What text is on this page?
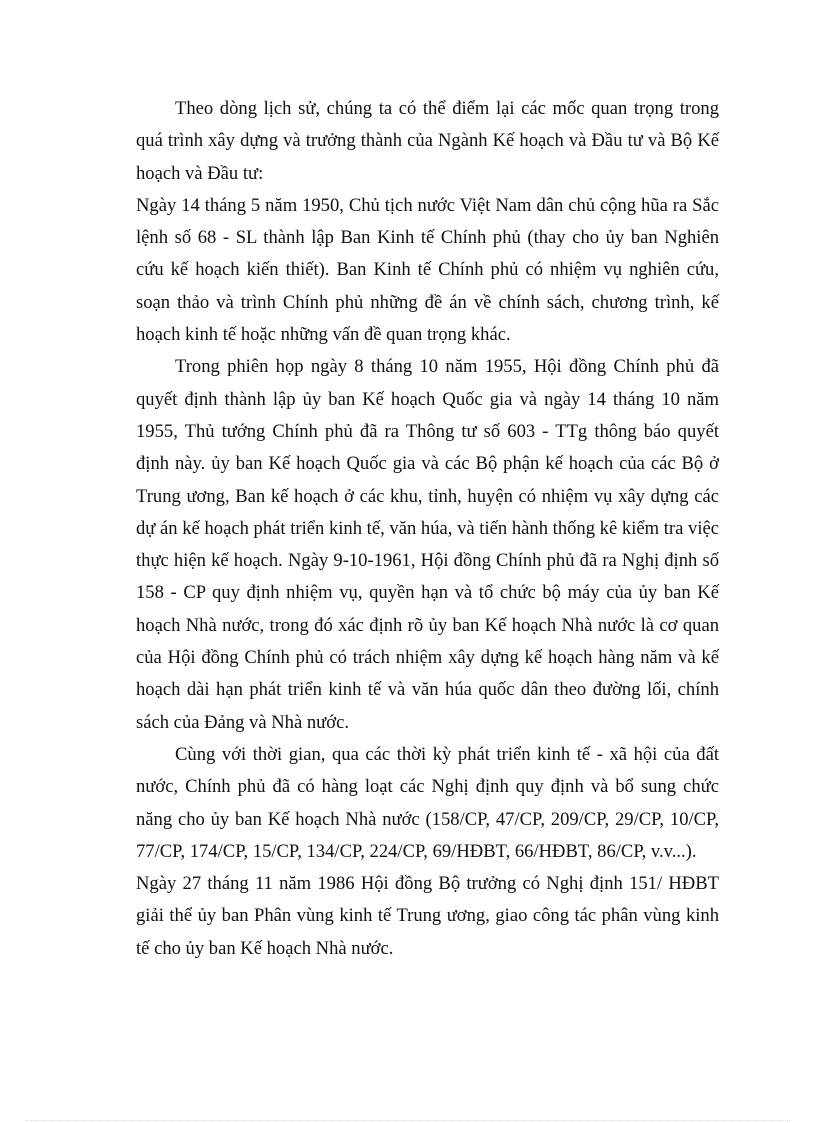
Theo dòng lịch sử, chúng ta có thể điểm lại các mốc quan trọng trong quá trình xây dựng và trưởng thành của Ngành Kế hoạch và Đầu tư và Bộ Kế hoạch và Đầu tư:

Ngày 14 tháng 5 năm 1950, Chủ tịch nước Việt Nam dân chủ cộng hũa ra Sắc lệnh số 68 - SL thành lập Ban Kinh tế Chính phủ (thay cho ủy ban Nghiên cứu kế hoạch kiến thiết). Ban Kinh tế Chính phủ có nhiệm vụ nghiên cứu, soạn thảo và trình Chính phủ những đề án về chính sách, chương trình, kế hoạch kinh tế hoặc những vấn đề quan trọng khác.

Trong phiên họp ngày 8 tháng 10 năm 1955, Hội đồng Chính phủ đã quyết định thành lập ủy ban Kế hoạch Quốc gia và ngày 14 tháng 10 năm 1955, Thủ tướng Chính phủ đã ra Thông tư số 603 - TTg thông báo quyết định này. ủy ban Kế hoạch Quốc gia và các Bộ phận kế hoạch của các Bộ ở Trung ương, Ban kế hoạch ở các khu, tỉnh, huyện có nhiệm vụ xây dựng các dự án kế hoạch phát triển kinh tế, văn húa, và tiến hành thống kê kiểm tra việc thực hiện kế hoạch. Ngày 9-10-1961, Hội đồng Chính phủ đã ra Nghị định số 158 - CP quy định nhiệm vụ, quyền hạn và tổ chức bộ máy của ủy ban Kế hoạch Nhà nước, trong đó xác định rõ ủy ban Kế hoạch Nhà nước là cơ quan của Hội đồng Chính phủ có trách nhiệm xây dựng kế hoạch hàng năm và kế hoạch dài hạn phát triển kinh tế và văn húa quốc dân theo đường lối, chính sách của Đảng và Nhà nước.

Cùng với thời gian, qua các thời kỳ phát triển kinh tế - xã hội của đất nước, Chính phủ đã có hàng loạt các Nghị định quy định và bổ sung chức năng cho ủy ban Kế hoạch Nhà nước (158/CP, 47/CP, 209/CP, 29/CP, 10/CP, 77/CP, 174/CP, 15/CP, 134/CP, 224/CP, 69/HĐBT, 66/HĐBT, 86/CP, v.v...).

Ngày 27 tháng 11 năm 1986 Hội đồng Bộ trưởng có Nghị định 151/ HĐBT giải thể ủy ban Phân vùng kinh tế Trung ương, giao công tác phân vùng kinh tế cho ủy ban Kế hoạch Nhà nước.
